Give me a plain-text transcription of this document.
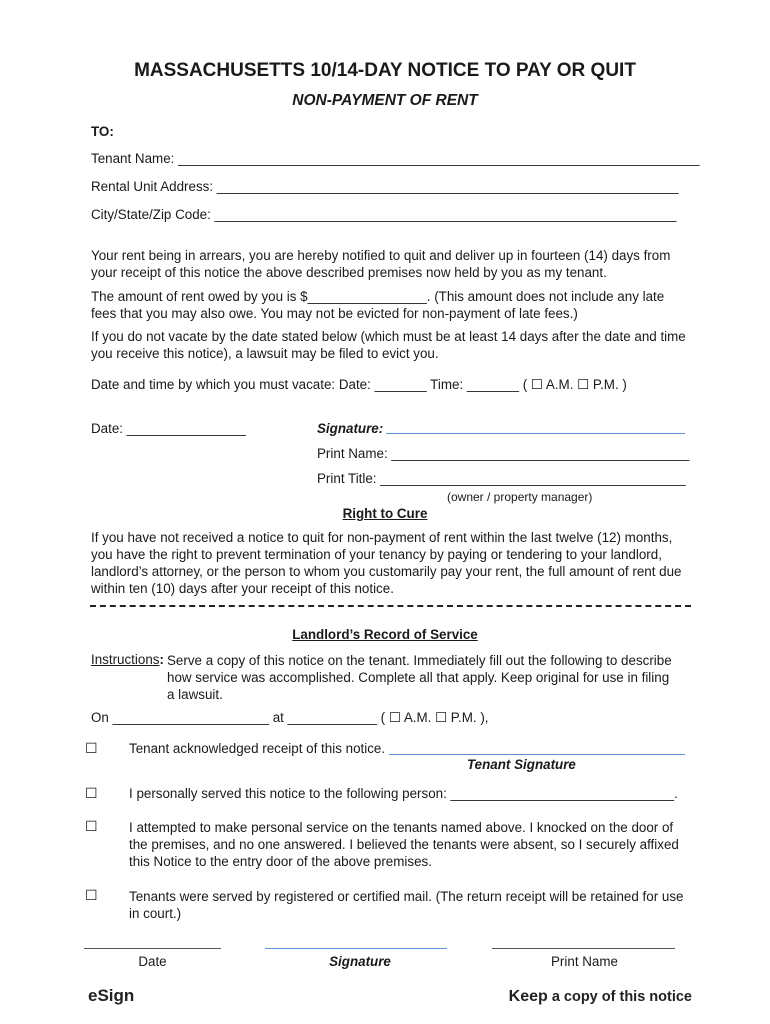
MASSACHUSETTS 10/14-DAY NOTICE TO PAY OR QUIT
NON-PAYMENT OF RENT
TO:
Tenant Name: ______________________________________________________________________
Rental Unit Address: ______________________________________________________________
City/State/Zip Code: ______________________________________________________________
Your rent being in arrears, you are hereby notified to quit and deliver up in fourteen (14) days from your receipt of this notice the above described premises now held by you as my tenant.
The amount of rent owed by you is $________________. (This amount does not include any late fees that you may also owe. You may not be evicted for non-payment of late fees.)
If you do not vacate by the date stated below (which must be at least 14 days after the date and time you receive this notice), a lawsuit may be filed to evict you.
Date and time by which you must vacate: Date: _______ Time: _______ ( ☐ A.M. ☐ P.M. )
Date: ________________	Signature:
Print Name: ________________________________________
Print Title: _________________________________________
(owner / property manager)
Right to Cure
If you have not received a notice to quit for non-payment of rent within the last twelve (12) months, you have the right to prevent termination of your tenancy by paying or tendering to your landlord, landlord’s attorney, or the person to whom you customarily pay your rent, the full amount of rent due within ten (10) days after your receipt of this notice.
Landlord’s Record of Service
Instructions: Serve a copy of this notice on the tenant. Immediately fill out the following to describe how service was accomplished. Complete all that apply. Keep original for use in filing a lawsuit.
On _____________________ at ____________ ( ☐ A.M. ☐ P.M. ),
☐ Tenant acknowledged receipt of this notice.
Tenant Signature
☐ I personally served this notice to the following person: ______________________________.
☐ I attempted to make personal service on the tenants named above. I knocked on the door of the premises, and no one answered. I believed the tenants were absent, so I securely affixed this Notice to the entry door of the above premises.
☐ Tenants were served by registered or certified mail. (The return receipt will be retained for use in court.)
Date	Signature	Print Name
eSign	Keep a copy of this notice
